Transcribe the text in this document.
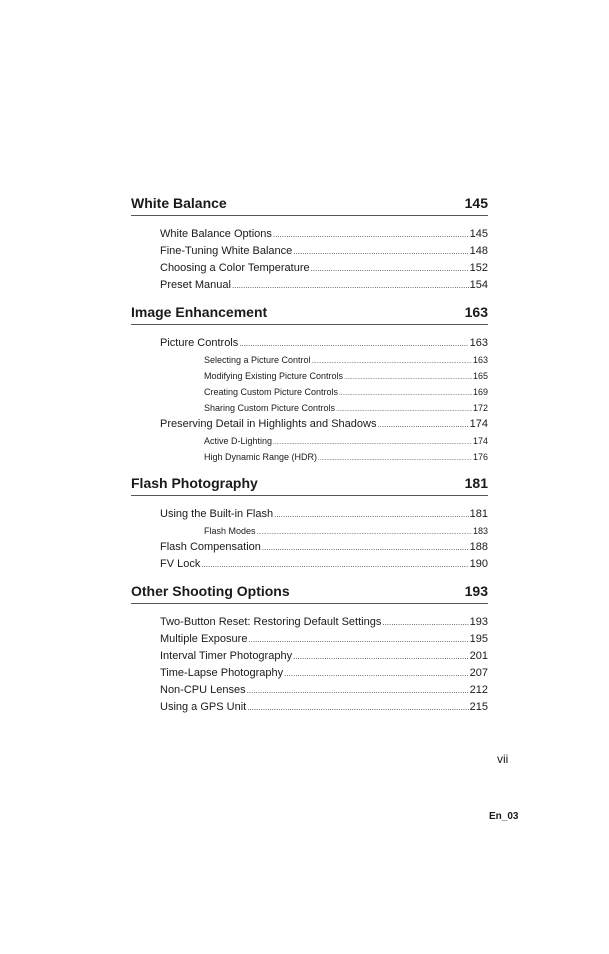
White Balance	145
White Balance Options .....	145
Fine-Tuning White Balance .....	148
Choosing a Color Temperature .....	152
Preset Manual .....	154
Image Enhancement	163
Picture Controls .....	163
Selecting a Picture Control .....	163
Modifying Existing Picture Controls .....	165
Creating Custom Picture Controls .....	169
Sharing Custom Picture Controls .....	172
Preserving Detail in Highlights and Shadows .....	174
Active D-Lighting .....	174
High Dynamic Range (HDR) .....	176
Flash Photography	181
Using the Built-in Flash .....	181
Flash Modes .....	183
Flash Compensation .....	188
FV Lock .....	190
Other Shooting Options	193
Two-Button Reset: Restoring Default Settings .....	193
Multiple Exposure .....	195
Interval Timer Photography .....	201
Time-Lapse Photography .....	207
Non-CPU Lenses .....	212
Using a GPS Unit .....	215
vii
En_03
